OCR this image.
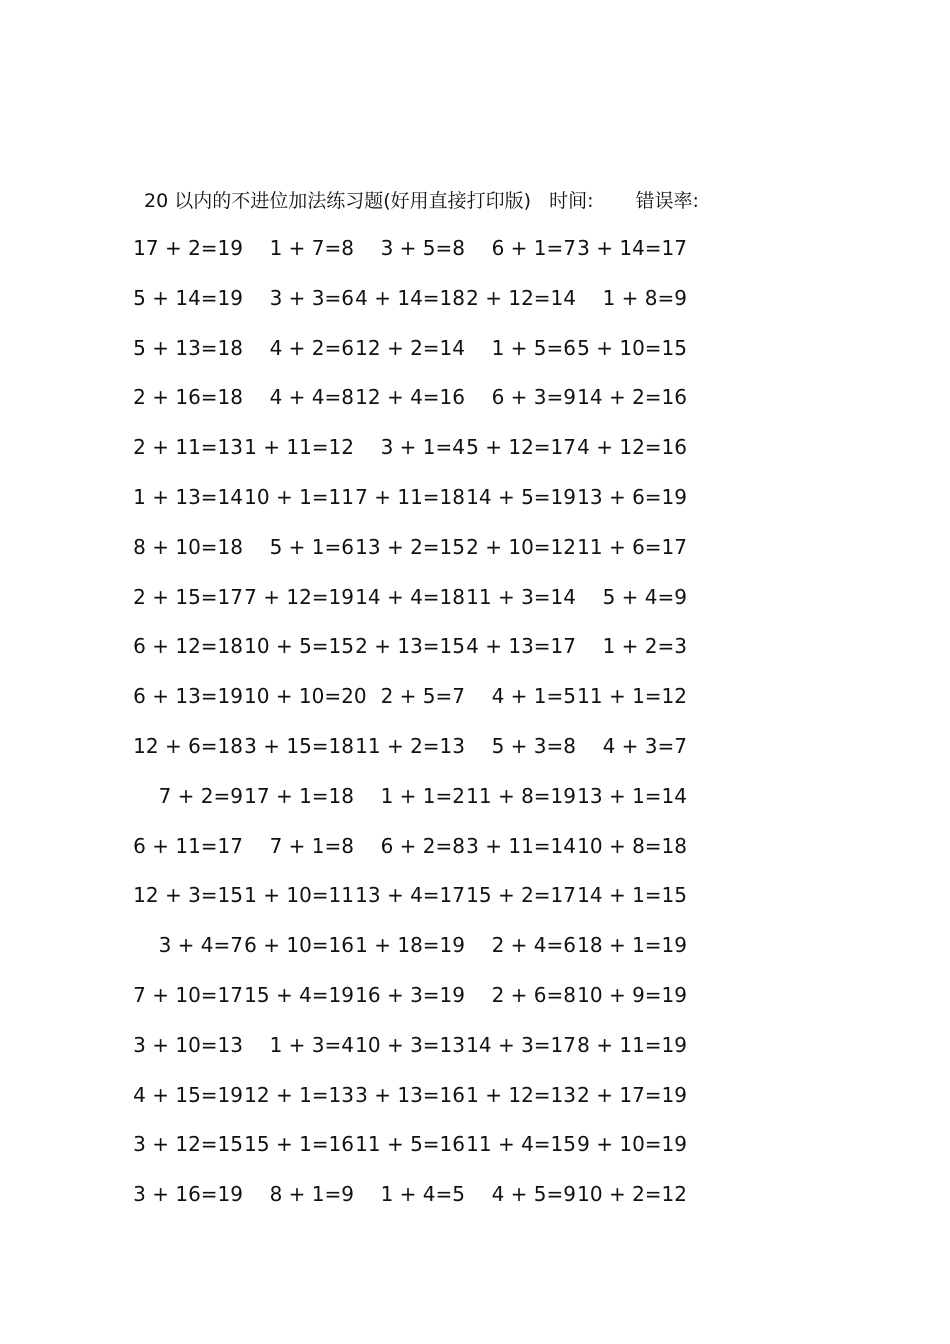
20 以内的不进位加法练习题(好用直接打印版) 时间: 错误率:
17 + 2=19	1 + 7=8	3 + 5=8	6 + 1=7 3 + 14=17
5 + 14=19	3 + 3=6 4 + 14=18 2 + 12=14	1 + 8=9
5 + 13=18	4 + 2=6 12 + 2=14	1 + 5=6 5 + 10=15
2 + 16=18	4 + 4=8 12 + 4=16	6 + 3=9 14 + 2=16
2 + 11=13 1 + 11=12	3 + 1=4 5 + 12=17 4 + 12=16
1 + 13=14 10 + 1=11 7 + 11=18 14 + 5=19 13 + 6=19
8 + 10=18	5 + 1=6 13 + 2=15 2 + 10=12 11 + 6=17
2 + 15=17 7 + 12=19 14 + 4=18 11 + 3=14	5 + 4=9
6 + 12=18 10 + 5=15 2 + 13=15 4 + 13=17	1 + 2=3
6 + 13=19 10 + 10=20 2 + 5=7	4 + 1=5 11 + 1=12
12 + 6=18 3 + 15=18 11 + 2=13	5 + 3=8	4 + 3=7
7 + 2=9 17 + 1=18	1 + 1=2 11 + 8=19 13 + 1=14
6 + 11=17	7 + 1=8	6 + 2=8 3 + 11=14 10 + 8=18
12 + 3=15 1 + 10=11 13 + 4=17 15 + 2=17 14 + 1=15
3 + 4=7 6 + 10=16 1 + 18=19	2 + 4=6 18 + 1=19
7 + 10=17 15 + 4=19 16 + 3=19	2 + 6=8 10 + 9=19
3 + 10=13	1 + 3=4 10 + 3=13 14 + 3=17 8 + 11=19
4 + 15=19 12 + 1=13 3 + 13=16 1 + 12=13 2 + 17=19
3 + 12=15 15 + 1=16 11 + 5=16 11 + 4=15 9 + 10=19
3 + 16=19	8 + 1=9	1 + 4=5	4 + 5=9 10 + 2=12
